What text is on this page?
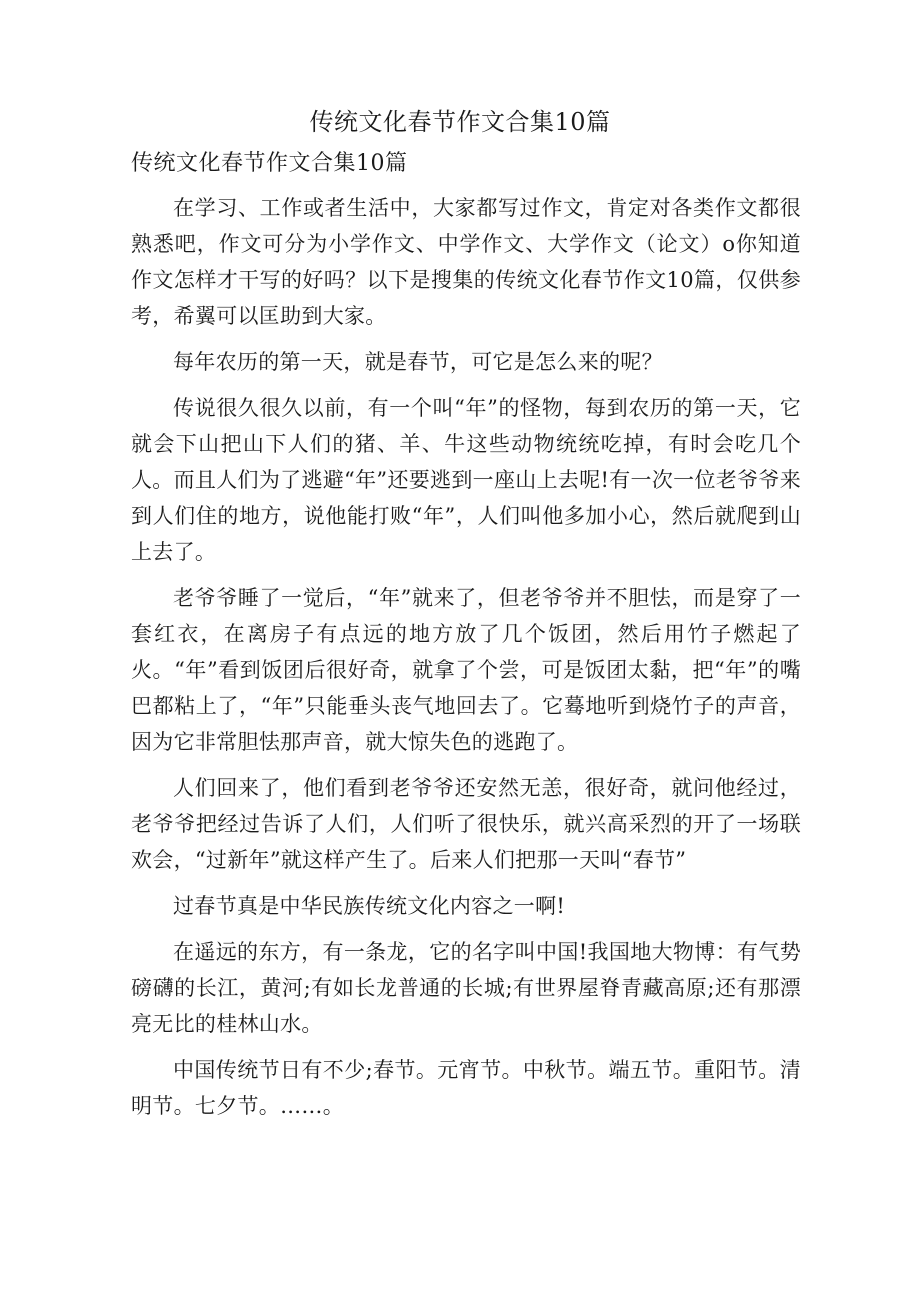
传统文化春节作文合集10篇
传统文化春节作文合集10篇

在学习、工作或者生活中，大家都写过作文，肯定对各类作文都很熟悉吧，作文可分为小学作文、中学作文、大学作文（论文）o你知道作文怎样才干写的好吗？以下是搜集的传统文化春节作文10篇，仅供参考，希翼可以匡助到大家。

每年农历的第一天，就是春节，可它是怎么来的呢？

传说很久很久以前，有一个叫“年”的怪物，每到农历的第一天，它就会下山把山下人们的猪、羊、牛这些动物统统吃掉，有时会吃几个人。而且人们为了逃避“年”还要逃到一座山上去呢!有一次一位老爷爷来到人们住的地方，说他能打败“年”，人们叫他多加小心，然后就爬到山上去了。

老爷爷睡了一觉后，“年”就来了，但老爷爷并不胆怯，而是穿了一套红衣，在离房子有点远的地方放了几个饭团，然后用竹子燃起了火。“年”看到饭团后很好奇，就拿了个尝，可是饭团太黏，把“年”的嘴巴都粘上了，“年”只能垂头丧气地回去了。它蓦地听到烧竹子的声音，因为它非常胆怯那声音，就大惊失色的逃跑了。

人们回来了，他们看到老爷爷还安然无恙，很好奇，就问他经过，老爷爷把经过告诉了人们，人们听了很快乐，就兴高采烈的开了一场联欢会，“过新年”就这样产生了。后来人们把那一天叫“春节”

过春节真是中华民族传统文化内容之一啊!

在遥远的东方，有一条龙，它的名字叫中国!我国地大物博：有气势磅礴的长江，黄河;有如长龙普通的长城;有世界屋脊青藏高原;还有那漂亮无比的桂林山水。

中国传统节日有不少;春节。元宵节。中秋节。端五节。重阳节。清明节。七夕节。……。
